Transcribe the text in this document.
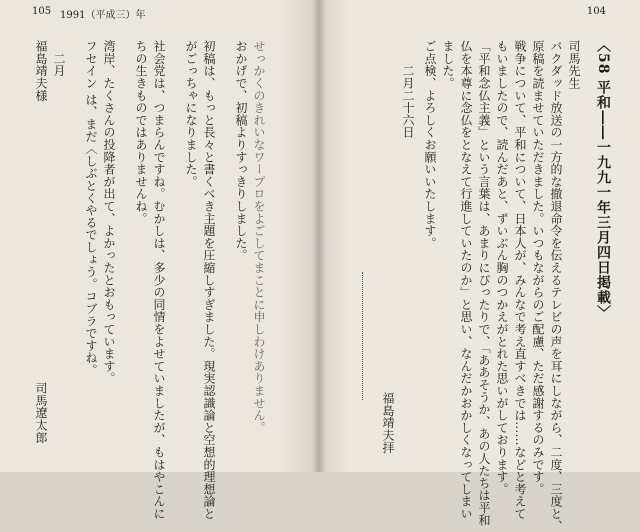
105 1991（平成三）年
福島靖夫様 　二月 フセイン は、まだ〈しぶとくやるでしょう。コブラですね。 湾岸、たくさんの投降者が出て、よかったとおもっています。 ちの生きものではありませんね。 社会党は、つまらんですね。むかしは、多少の同情をよせていましたが、もはやこんに がごっちゃになりました。 初稿は、もっと長々と書くべき主題を圧縮しすぎました。現実認識論と空想的理想論と おかげで、初稿よりすっきりしました。 せっかくのきれいなワープロをよごしてまことに申しわけありません。
司馬遼太郎
104
〈58 平和――一九九一年三月四日掲載〉
司馬先生
バクダッド放送の一方的な撤退命令を伝えるテレビの声を耳にしながら、二度、三度と、
原稿を読ませていただきました。いつもながらのご配慮、ただ感謝するのみです。
戦争について、平和について、日本人が、みんなで考え直すべきでは……などと考えて
もいましたので、読んだあと、ずいぶん胸のつかえがとれた思いがしております。
「平和念仏主義」という言葉は、あまりにぴったりで、「ああそうか、あの人たちは平和
仏を本尊に念仏をとなえて行進していたのか」と思い、なんだかおかしくなってしまい
ました。
ご点検、よろしくお願いいたします。
　　二月二十六日
福島靖夫拝
